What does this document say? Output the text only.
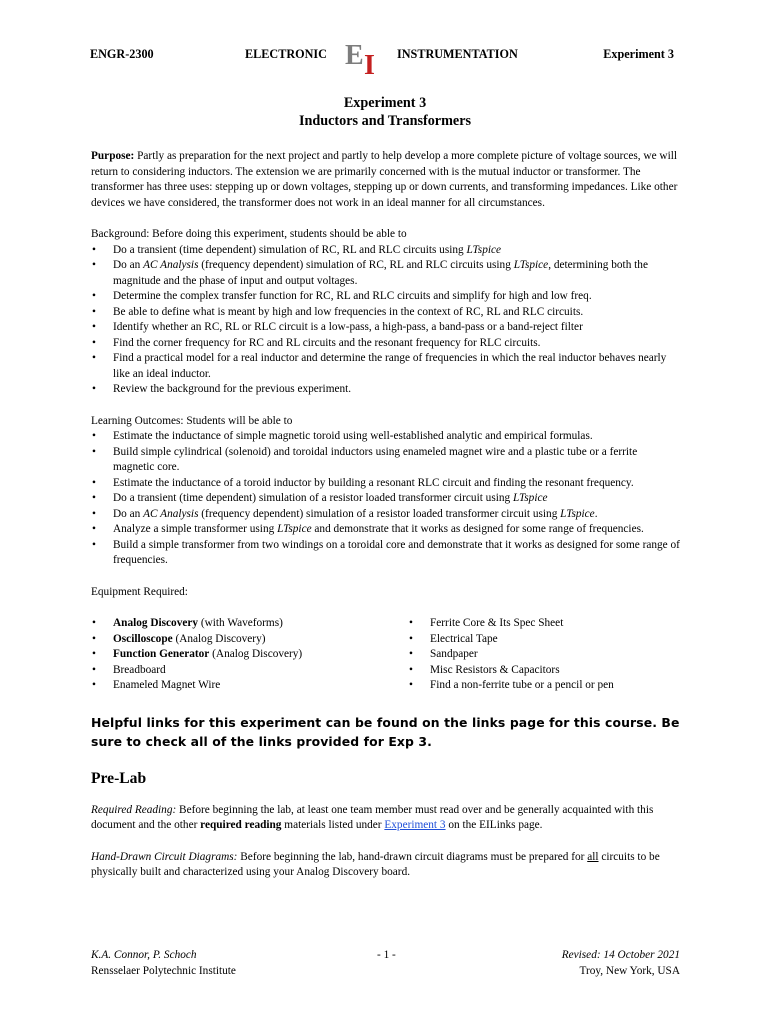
ENGR-2300	ELECTRONIC E I INSTRUMENTATION	Experiment 3
Experiment 3
Inductors and Transformers

Purpose: Partly as preparation for the next project and partly to help develop a more complete picture of voltage sources, we will return to considering inductors. The extension we are primarily concerned with is the mutual inductor or transformer. The transformer has three uses: stepping up or down voltages, stepping up or down currents, and transforming impedances. Like other devices we have considered, the transformer does not work in an ideal manner for all circumstances.

Background: Before doing this experiment, students should be able to

• Do a transient (time dependent) simulation of RC, RL and RLC circuits using LTspice
• Do an AC Analysis (frequency dependent) simulation of RC, RL and RLC circuits using LTspice, determining both the magnitude and the phase of input and output voltages.
• Determine the complex transfer function for RC, RL and RLC circuits and simplify for high and low freq.
• Be able to define what is meant by high and low frequencies in the context of RC, RL and RLC circuits.
• Identify whether an RC, RL or RLC circuit is a low-pass, a high-pass, a band-pass or a band-reject filter
• Find the corner frequency for RC and RL circuits and the resonant frequency for RLC circuits.
• Find a practical model for a real inductor and determine the range of frequencies in which the real inductor behaves nearly like an ideal inductor.
• Review the background for the previous experiment.

Learning Outcomes: Students will be able to

• Estimate the inductance of simple magnetic toroid using well-established analytic and empirical formulas.
• Build simple cylindrical (solenoid) and toroidal inductors using enameled magnet wire and a plastic tube or a ferrite magnetic core.
• Estimate the inductance of a toroid inductor by building a resonant RLC circuit and finding the resonant frequency.
• Do a transient (time dependent) simulation of a resistor loaded transformer circuit using LTspice
• Do an AC Analysis (frequency dependent) simulation of a resistor loaded transformer circuit using LTspice.
• Analyze a simple transformer using LTspice and demonstrate that it works as designed for some range of frequencies.
• Build a simple transformer from two windings on a toroidal core and demonstrate that it works as designed for some range of frequencies.

Equipment Required:

• Analog Discovery (with Waveforms)
• Oscilloscope (Analog Discovery)
• Function Generator (Analog Discovery)
• Breadboard
• Enameled Magnet Wire
• Ferrite Core & Its Spec Sheet
• Electrical Tape
• Sandpaper
• Misc Resistors & Capacitors
• Find a non-ferrite tube or a pencil or pen

Helpful links for this experiment can be found on the links page for this course. Be sure to check all of the links provided for Exp 3.

Pre-Lab

Required Reading: Before beginning the lab, at least one team member must read over and be generally acquainted with this document and the other required reading materials listed under Experiment 3 on the EILinks page.

Hand-Drawn Circuit Diagrams: Before beginning the lab, hand-drawn circuit diagrams must be prepared for all circuits to be physically built and characterized using your Analog Discovery board.

K.A. Connor, P. Schoch
Rensselaer Polytechnic Institute
- 1 -	Revised: 14 October 2021
Troy, New York, USA
